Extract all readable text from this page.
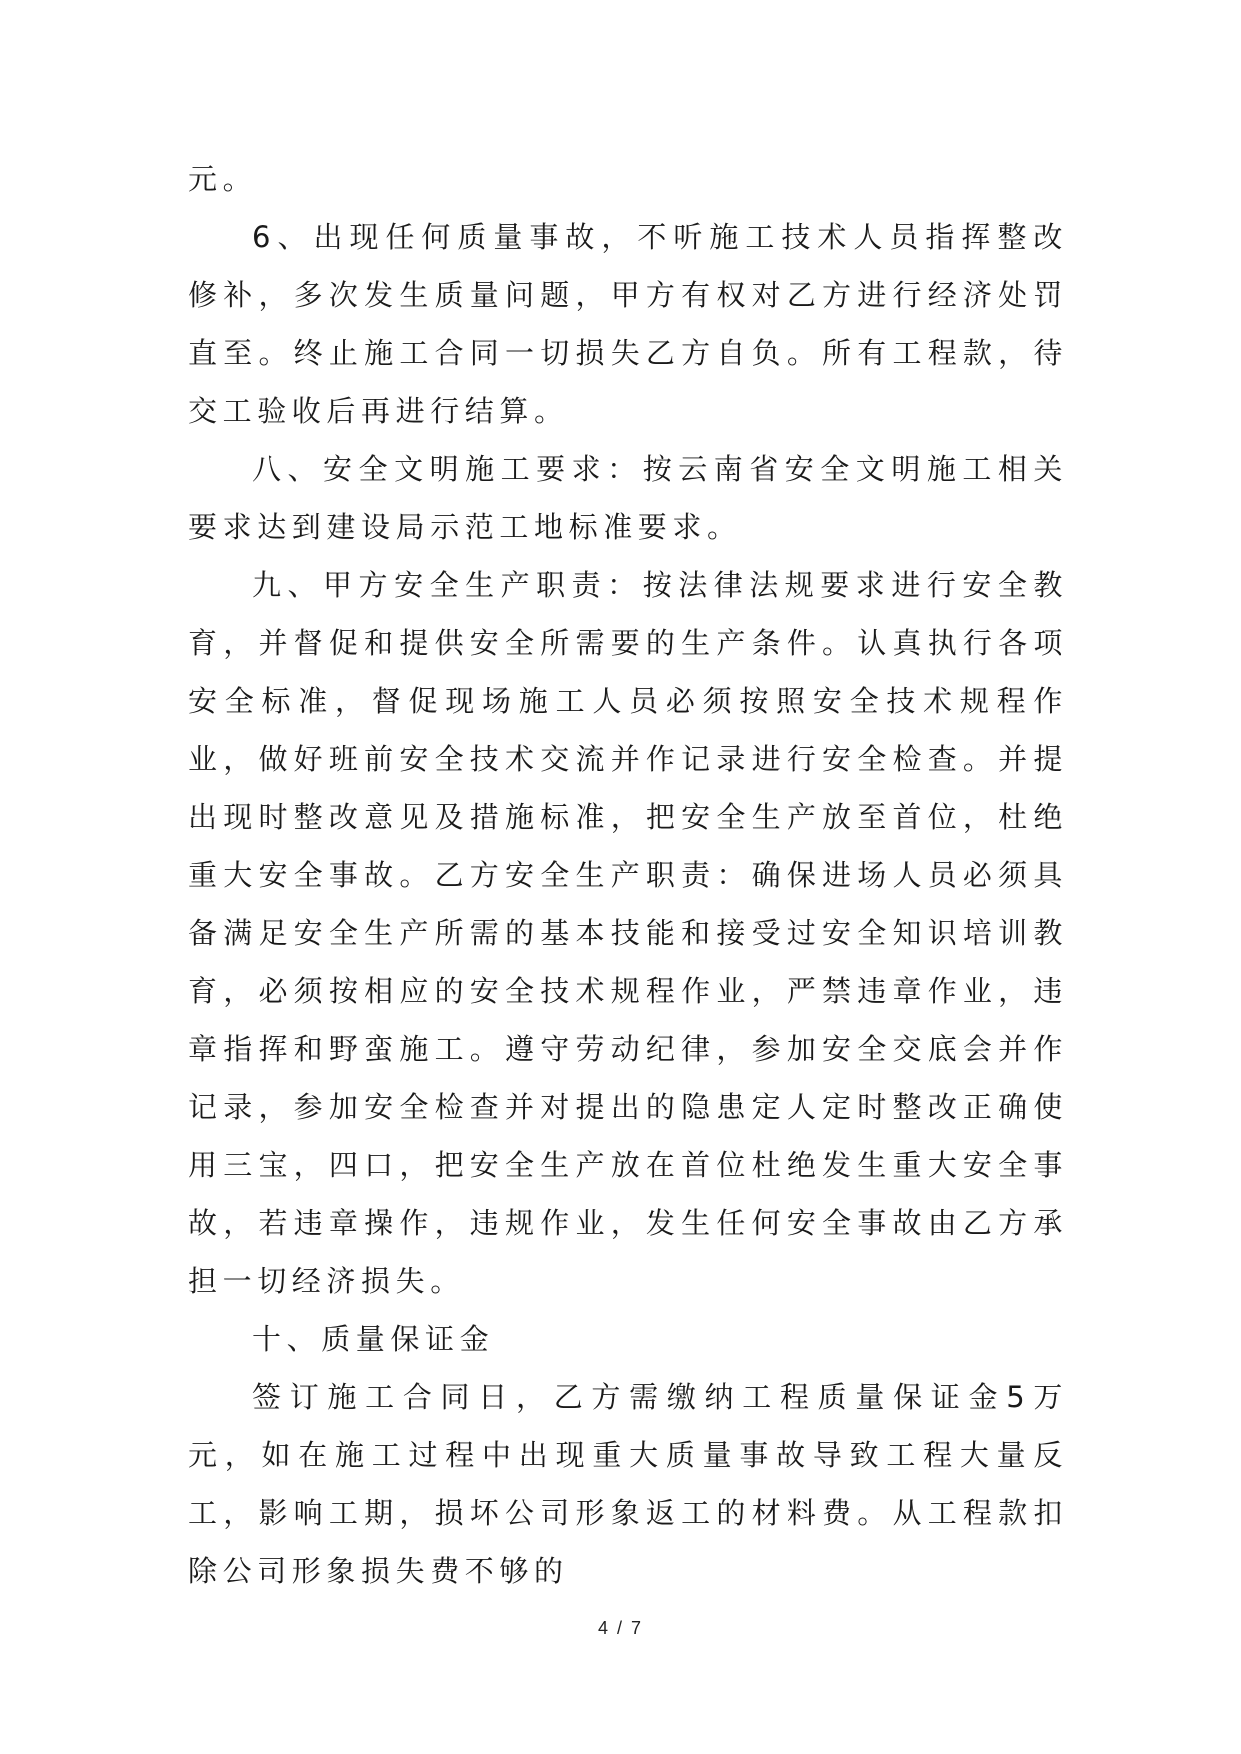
元。

6、出现任何质量事故，不听施工技术人员指挥整改修补，多次发生质量问题，甲方有权对乙方进行经济处罚直至。终止施工合同一切损失乙方自负。所有工程款，待交工验收后再进行结算。

八、安全文明施工要求：按云南省安全文明施工相关要求达到建设局示范工地标准要求。

九、甲方安全生产职责：按法律法规要求进行安全教育，并督促和提供安全所需要的生产条件。认真执行各项安全标准，督促现场施工人员必须按照安全技术规程作业，做好班前安全技术交流并作记录进行安全检查。并提出现时整改意见及措施标准，把安全生产放至首位，杜绝重大安全事故。乙方安全生产职责：确保进场人员必须具备满足安全生产所需的基本技能和接受过安全知识培训教育，必须按相应的安全技术规程作业，严禁违章作业，违章指挥和野蛮施工。遵守劳动纪律，参加安全交底会并作记录，参加安全检查并对提出的隐患定人定时整改正确使用三宝，四口，把安全生产放在首位杜绝发生重大安全事故，若违章操作，违规作业，发生任何安全事故由乙方承担一切经济损失。

十、质量保证金

签订施工合同日，乙方需缴纳工程质量保证金5万元，如在施工过程中出现重大质量事故导致工程大量反工，影响工期，损坏公司形象返工的材料费。从工程款扣除公司形象损失费不够的

4 / 7
